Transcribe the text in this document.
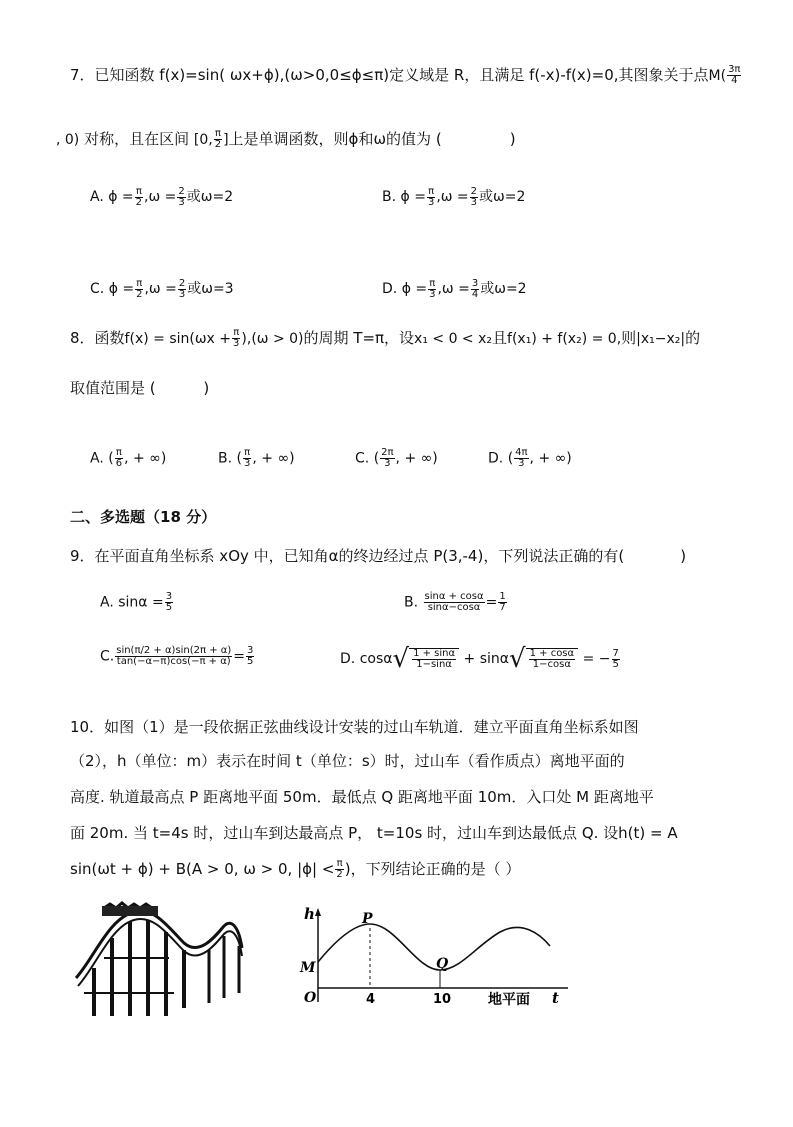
7．已知函数 f(x)=sin( ωx+ϕ),(ω>0,0≤ϕ≤π)定义域是 R，且满足 f(-x)-f(x)=0,其图象关于点$M( \frac{3\pi}{4}$
, 0) 对称，且在区间 [0, $\frac{\pi}{2}$ ]上是单调函数，则ϕ和ω的值为 (	)
A. $\phi = \frac{\pi}{2} ,\omega = \frac{2}{3}$ 或ω=2	B. $\phi = \frac{\pi}{3} ,\omega = \frac{2}{3}$ 或ω=2
C. $\phi = \frac{\pi}{2} ,\omega = \frac{2}{3}$ 或ω=3	D. $\phi = \frac{\pi}{3} ,\omega = \frac{3}{4}$ 或ω=2
8．函数$f(x) = \sin(\omega x + \frac{\pi}{3} ),(\omega > 0)$的周期 T=π，设x₁ < 0 < x₂且f(x₁) + f(x₂) = 0,则|x₁−x₂|的
取值范围是 (          )
A. ( $\frac{\pi}{6}$ , + ∞)	B. ( $\frac{\pi}{3}$ , + ∞)	C. ( $\frac{2\pi}{3}$ , + ∞)	D. ( $\frac{4\pi}{3}$ , + ∞)
二、多选题（18 分）
9．在平面直角坐标系 xOy 中，已知角α的终边经过点 P(3,-4)，下列说法正确的有(	)
A. $\sin\alpha = \frac{3}{5}$	B. $\frac{\sin\alpha + \cos\alpha}{\sin\alpha-\cos\alpha} = \frac{1}{7}$
C. $\frac{\sin(\pi/2 + \alpha)\sin(2\pi + \alpha)}{\tan(-\alpha-\pi)\cos(-\pi + \alpha)} = \frac{3}{5}$	D. $\cos\alpha√ \frac{1 + \sin\alpha}{1-\sin\alpha} + \sin\alpha√ \frac{1 + \cos\alpha}{1-\cos\alpha}$ = − $\frac{7}{5}$
10．如图（1）是一段依据正弦曲线设计安装的过山车轨道．建立平面直角坐标系如图
（2），h（单位：m）表示在时间 t（单位：s）时，过山车（看作质点）离地平面的
高度. 轨道最高点 P 距离地平面 50m．最低点 Q 距离地平面 10m．入口处 M 距离地平
面 20m. 当 t=4s 时，过山车到达最高点 P， t=10s 时，过山车到达最低点 Q. 设h(t) = A
sin(ωt + ϕ) + B(A > 0, ω > 0, $|\phi| < \frac{\pi}{2}$ )，下列结论正确的是（ ）
h	P
Q
M
O	4	10	地平面 t
